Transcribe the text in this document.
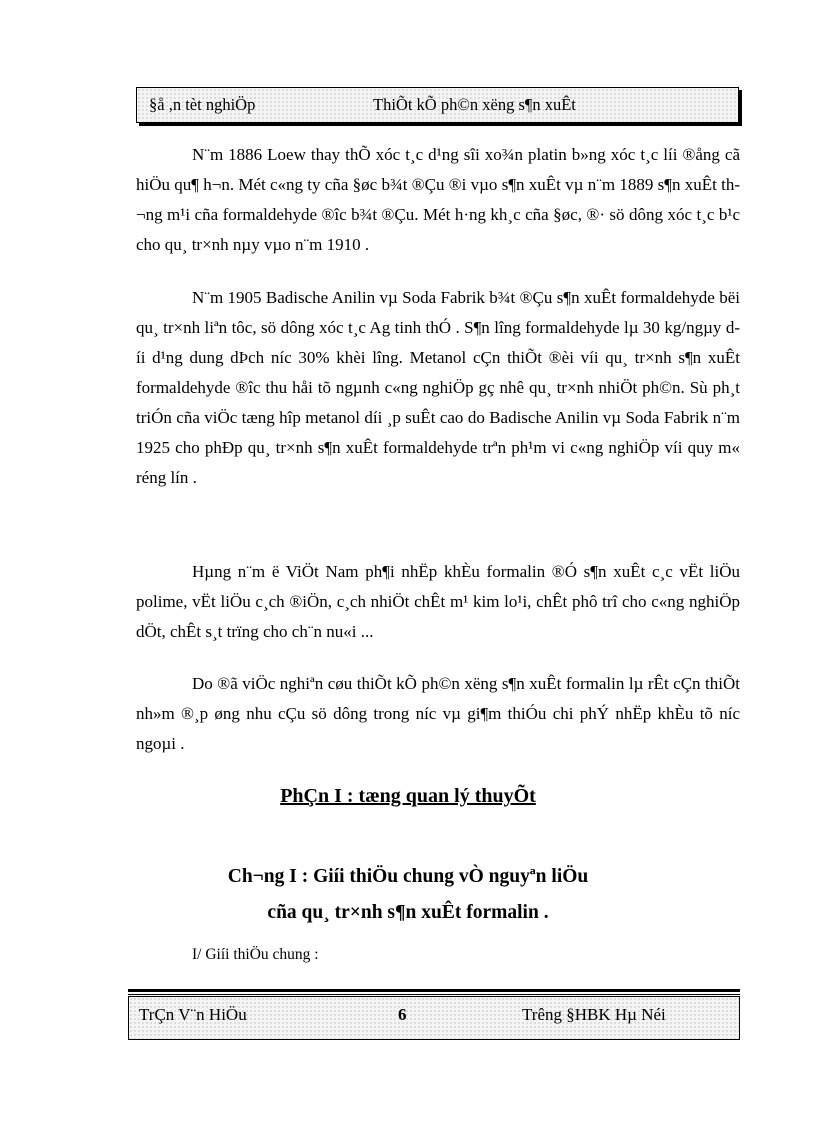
§å ,n tèt nghiÖp	ThiÕt kÕ ph©n xëng s¶n xuÊt

N¨m 1886 Loew thay thÕ xóc t¸c d¹ng sîi xo¾n platin b»ng xóc t¸c líi ®ång cã hiÖu qu¶ h¬n. Mét c«ng ty cña §øc b¾t ®Çu ®i vµo s¶n xuÊt vµ n¨m 1889 s¶n xuÊt th¬ng m¹i cña formaldehyde ®îc b¾t ®Çu. Mét h·ng kh¸c cña §øc, ®· sö dông xóc t¸c b¹c cho qu¸ tr×nh nµy vµo n¨m 1910 .

N¨m 1905 Badische Anilin vµ Soda Fabrik b¾t ®Çu s¶n xuÊt formaldehyde bëi qu¸ tr×nh liªn tôc, sö dông xóc t¸c Ag tinh thÓ . S¶n lîng formaldehyde lµ 30 kg/ngµy díi d¹ng dung dÞch níc 30% khèi lîng. Metanol cÇn thiÕt ®èi víi qu¸ tr×nh s¶n xuÊt formaldehyde ®îc thu håi tõ ngµnh c«ng nghiÖp gç nhê qu¸ tr×nh nhiÖt ph©n. Sù ph¸t triÓn cña viÖc tæng hîp metanol díi ¸p suÊt cao do Badische Anilin vµ Soda Fabrik n¨m 1925 cho phÐp qu¸ tr×nh s¶n xuÊt formaldehyde trªn ph¹m vi c«ng nghiÖp víi quy m« réng lín .

Hµng n¨m ë ViÖt Nam ph¶i nhËp khÈu formalin ®Ó s¶n xuÊt c¸c vËt liÖu polime, vËt liÖu c¸ch ®iÖn, c¸ch nhiÖt chÊt m¹ kim lo¹i, chÊt phô trî cho c«ng nghiÖp dÖt, chÊt s¸t trïng cho ch¨n nu«i ...

Do ®ã viÖc nghiªn cøu thiÕt kÕ ph©n xëng s¶n xuÊt formalin lµ rÊt cÇn thiÕt nh»m ®¸p øng nhu cÇu sö dông trong níc vµ gi¶m thiÓu chi phÝ nhËp khÈu tõ níc ngoµi .

PhÇn I : tæng quan lý thuyÕt

Ch¬ng I : Giíi thiÖu chung vÒ nguyªn liÖu

cña qu¸ tr×nh s¶n xuÊt formalin .

I/ Giíi thiÖu chung :

TrÇn V¨n HiÖu	6	Trêng §HBK Hµ Néi
